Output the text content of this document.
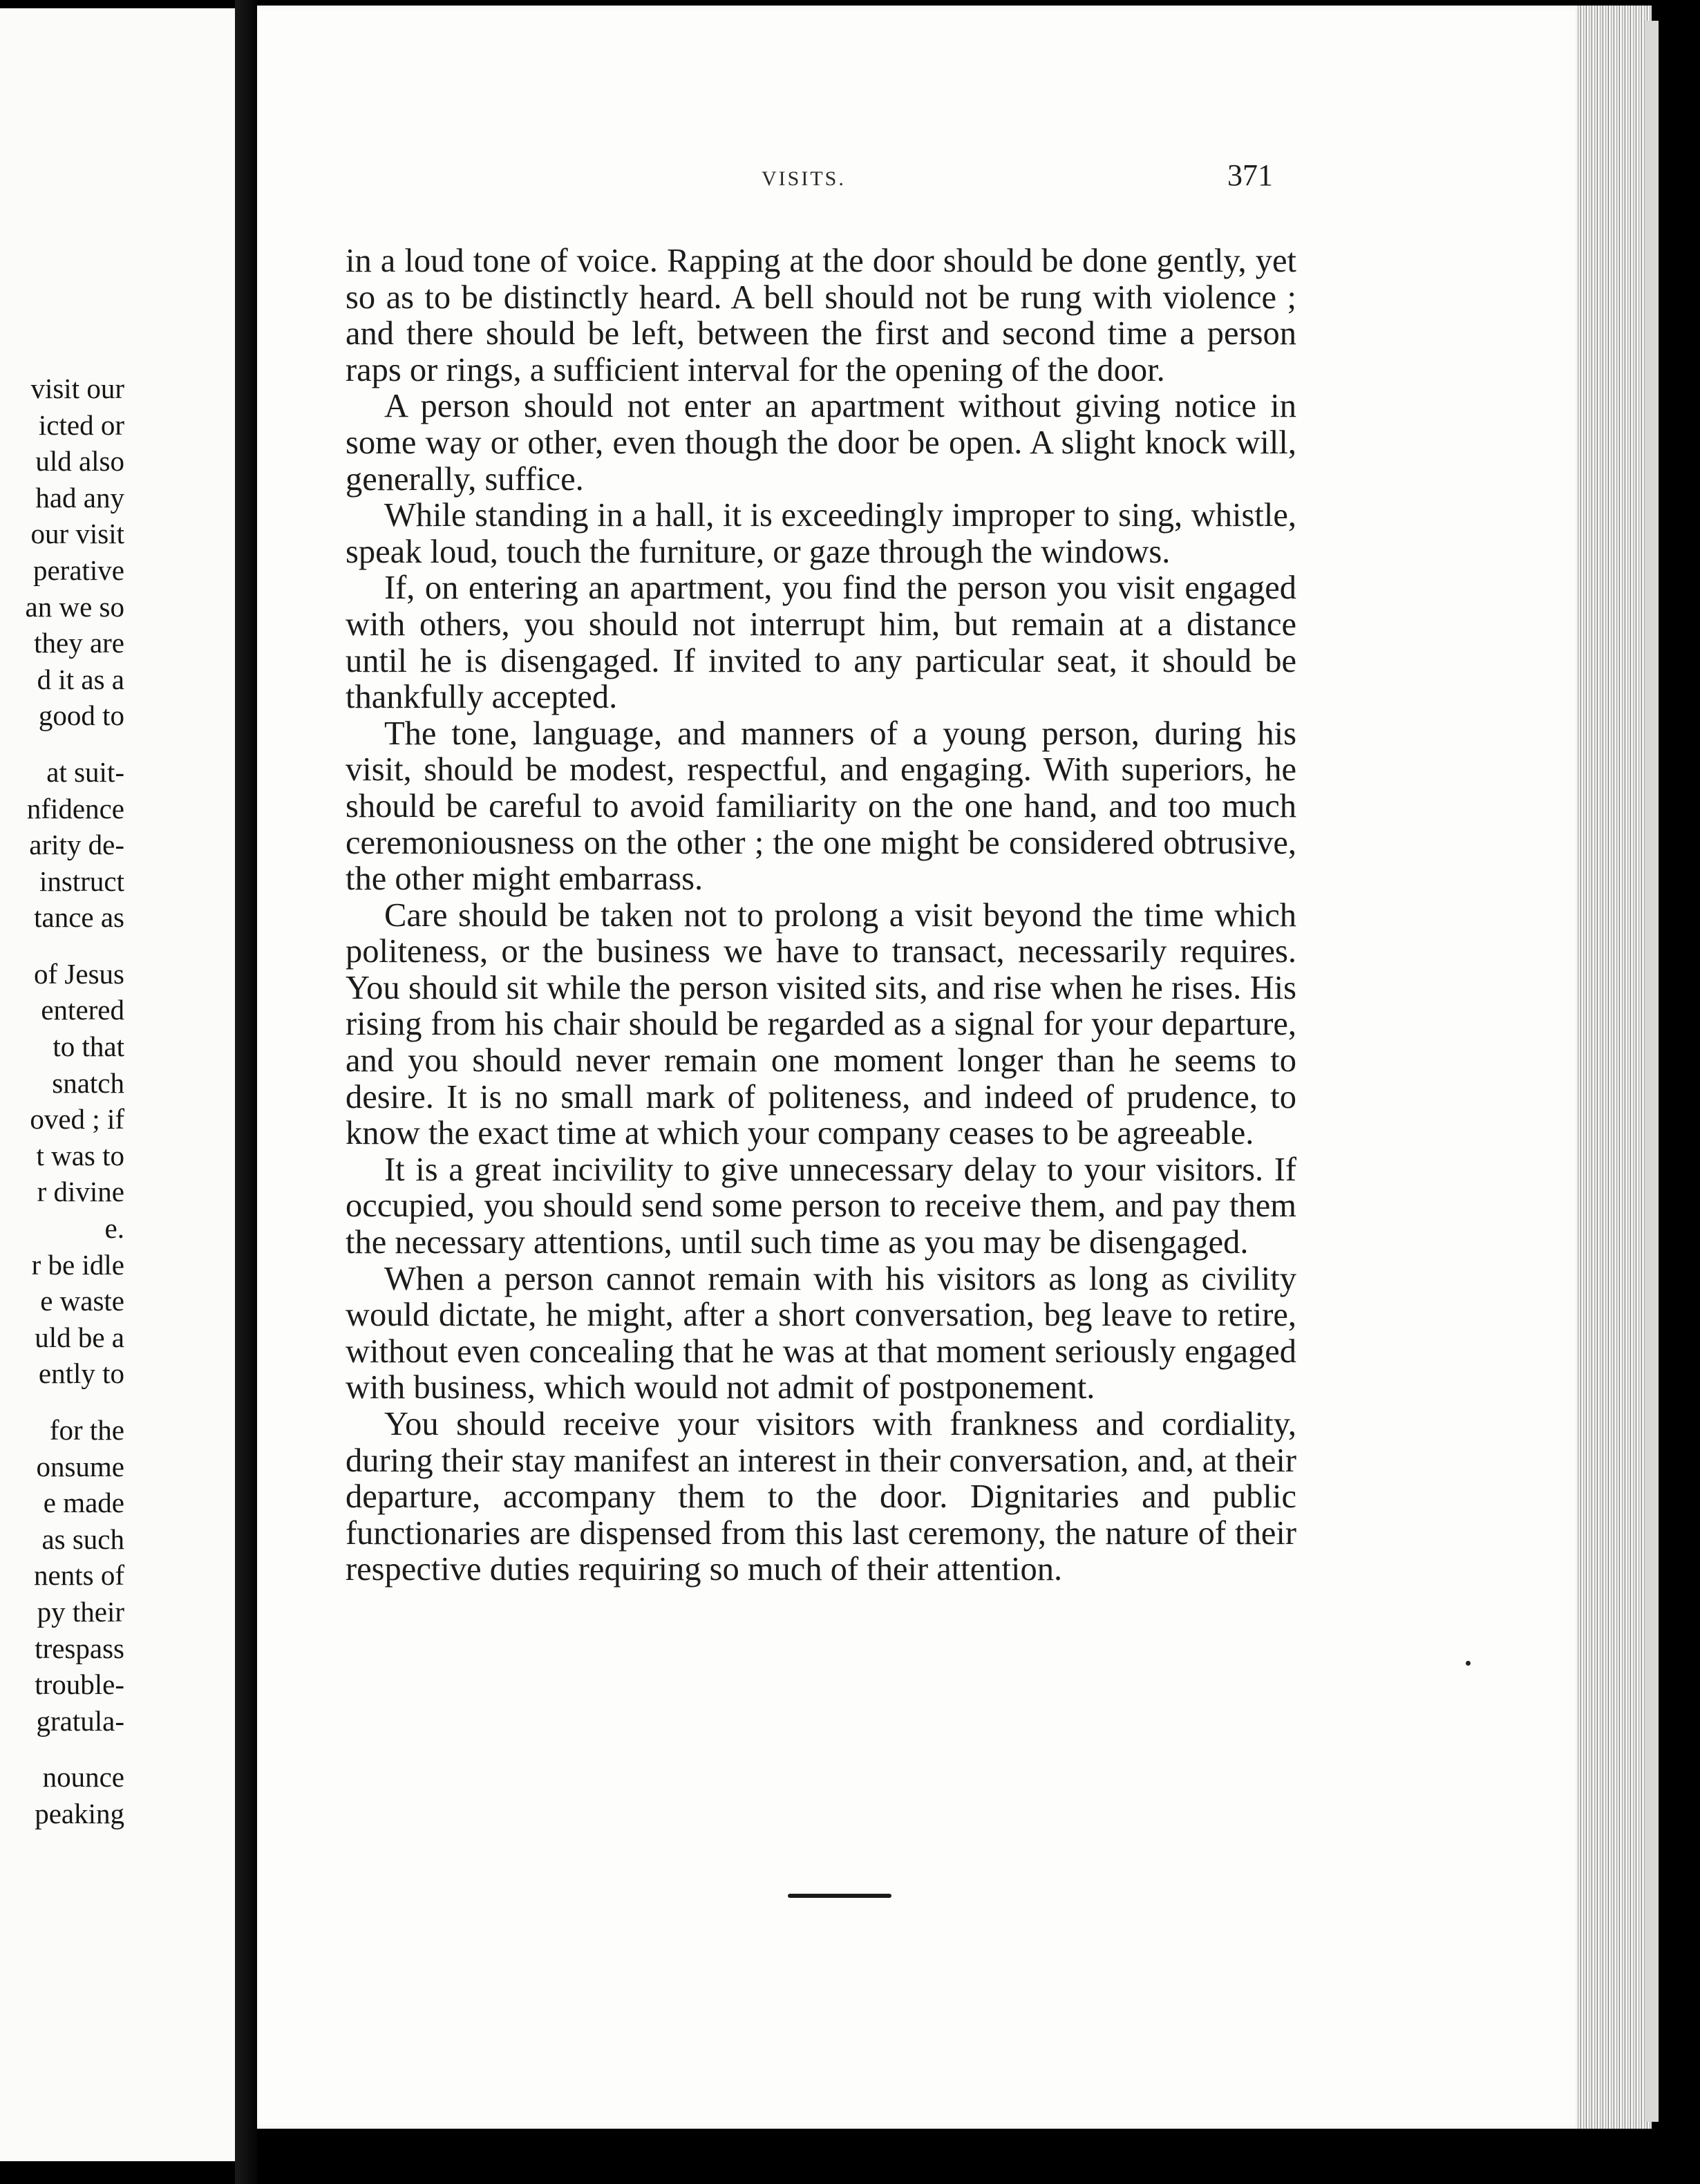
visit our
icted or
uld also
had any
our visit
perative
an we so
they are
d it as a
good to
at suit-
nfidence
arity de-
instruct
tance as
of Jesus
entered
to that
snatch
oved ; if
t was to
r divine
e.
r be idle
e waste
uld be a
ently to
for the
onsume
e made
as such
nents of
py their
trespass
trouble-
gratula-
nounce
peaking
VISITS.	371

in a loud tone of voice. Rapping at the door should be done gently, yet so as to be distinctly heard. A bell should not be rung with violence ; and there should be left, between the first and second time a person raps or rings, a sufficient interval for the opening of the door.

A person should not enter an apartment without giving notice in some way or other, even though the door be open. A slight knock will, generally, suffice.

While standing in a hall, it is exceedingly improper to sing, whistle, speak loud, touch the furniture, or gaze through the windows.

If, on entering an apartment, you find the person you visit engaged with others, you should not interrupt him, but remain at a distance until he is disengaged. If invited to any particular seat, it should be thankfully accepted.

The tone, language, and manners of a young person, during his visit, should be modest, respectful, and engaging. With superiors, he should be careful to avoid familiarity on the one hand, and too much ceremoniousness on the other ; the one might be considered obtrusive, the other might embarrass.

Care should be taken not to prolong a visit beyond the time which politeness, or the business we have to transact, necessarily requires. You should sit while the person visited sits, and rise when he rises. His rising from his chair should be regarded as a signal for your departure, and you should never remain one moment longer than he seems to desire. It is no small mark of politeness, and indeed of prudence, to know the exact time at which your company ceases to be agreeable.

It is a great incivility to give unnecessary delay to your visitors. If occupied, you should send some person to receive them, and pay them the necessary attentions, until such time as you may be disengaged.

When a person cannot remain with his visitors as long as civility would dictate, he might, after a short conversation, beg leave to retire, without even concealing that he was at that moment seriously engaged with business, which would not admit of postponement.

You should receive your visitors with frankness and cordiality, during their stay manifest an interest in their conversation, and, at their departure, accompany them to the door. Dignitaries and public functionaries are dispensed from this last ceremony, the nature of their respective duties requiring so much of their attention.
